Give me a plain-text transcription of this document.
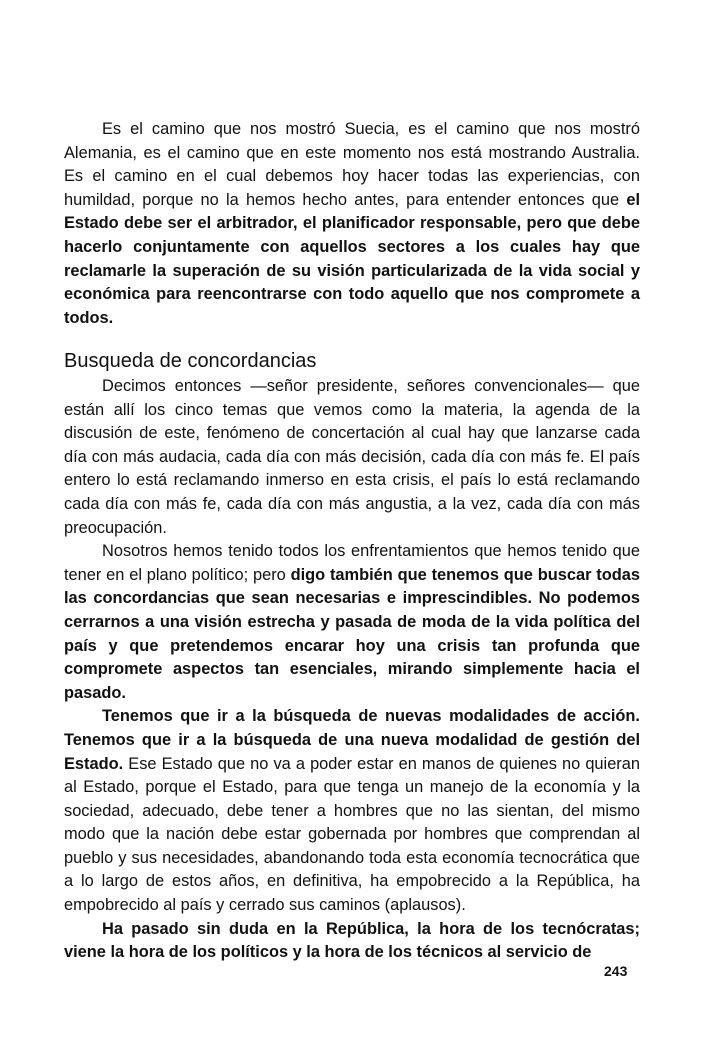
Es el camino que nos mostró Suecia, es el camino que nos mostró Alemania, es el camino que en este momento nos está mostrando Australia. Es el camino en el cual debemos hoy hacer todas las experiencias, con humildad, porque no la hemos hecho antes, para entender entonces que el Estado debe ser el arbitrador, el planificador responsable, pero que debe hacerlo conjuntamente con aquellos sectores a los cuales hay que reclamarle la superación de su visión particularizada de la vida social y económica para reencontrarse con todo aquello que nos compromete a todos.

Busqueda de concordancias

Decimos entonces —señor presidente, señores convencionales— que están allí los cinco temas que vemos como la materia, la agenda de la discusión de este, fenómeno de concertación al cual hay que lanzarse cada día con más audacia, cada día con más decisión, cada día con más fe. El país entero lo está reclamando inmerso en esta crisis, el país lo está reclamando cada día con más fe, cada día con más angustia, a la vez, cada día con más preocupación.

Nosotros hemos tenido todos los enfrentamientos que hemos tenido que tener en el plano político; pero digo también que tenemos que buscar todas las concordancias que sean necesarias e imprescindibles. No podemos cerrarnos a una visión estrecha y pasada de moda de la vida política del país y que pretendemos encarar hoy una crisis tan profunda que compromete aspectos tan esenciales, mirando simplemente hacia el pasado.

Tenemos que ir a la búsqueda de nuevas modalidades de acción. Tenemos que ir a la búsqueda de una nueva modalidad de gestión del Estado. Ese Estado que no va a poder estar en manos de quienes no quieran al Estado, porque el Estado, para que tenga un manejo de la economía y la sociedad, adecuado, debe tener a hombres que no las sientan, del mismo modo que la nación debe estar gobernada por hombres que comprendan al pueblo y sus necesidades, abandonando toda esta economía tecnocrática que a lo largo de estos años, en definitiva, ha empobrecido a la República, ha empobrecido al país y cerrado sus caminos (aplausos).

Ha pasado sin duda en la República, la hora de los tecnócratas; viene la hora de los políticos y la hora de los técnicos al servicio de

243
